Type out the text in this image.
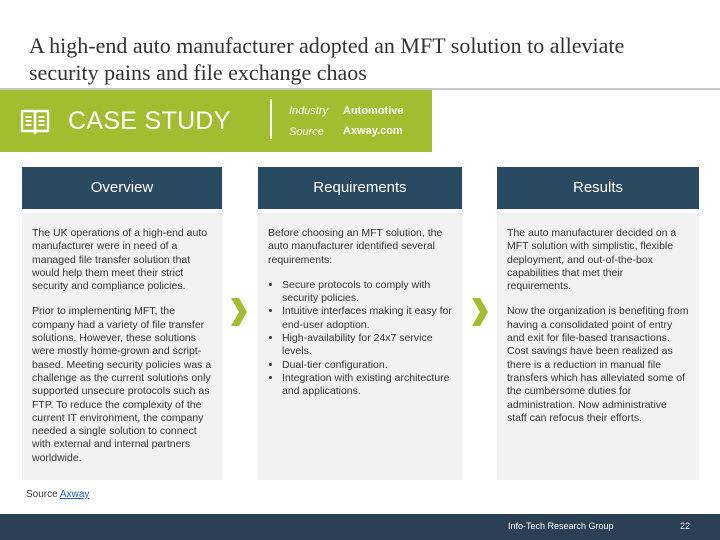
A high-end auto manufacturer adopted an MFT solution to alleviate security pains and file exchange chaos
CASE STUDY	Industry Automotive
Source Axway.com
Overview

The UK operations of a high-end auto manufacturer were in need of a managed file transfer solution that would help them meet their strict security and compliance policies.

Prior to implementing MFT, the company had a variety of file transfer solutions. However, these solutions were mostly home-grown and script-based. Meeting security policies was a challenge as the current solutions only supported unsecure protocols such as FTP. To reduce the complexity of the current IT environment, the company needed a single solution to connect with external and internal partners worldwide.

Requirements

Before choosing an MFT solution, the auto manufacturer identified several requirements:

• Secure protocols to comply with security policies.
• Intuitive interfaces making it easy for end-user adoption.
• High-availability for 24x7 service levels.
• Dual-tier configuration.
• Integration with existing architecture and applications.
Results

The auto manufacturer decided on a MFT solution with simplistic, flexible deployment, and out-of-the-box capabilities that met their requirements.

Now the organization is benefiting from having a consolidated point of entry and exit for file-based transactions. Cost savings have been realized as there is a reduction in manual file transfers which has alleviated some of the cumbersome duties for administration. Now administrative staff can refocus their efforts.

Source Axway
Info-Tech Research Group	22
